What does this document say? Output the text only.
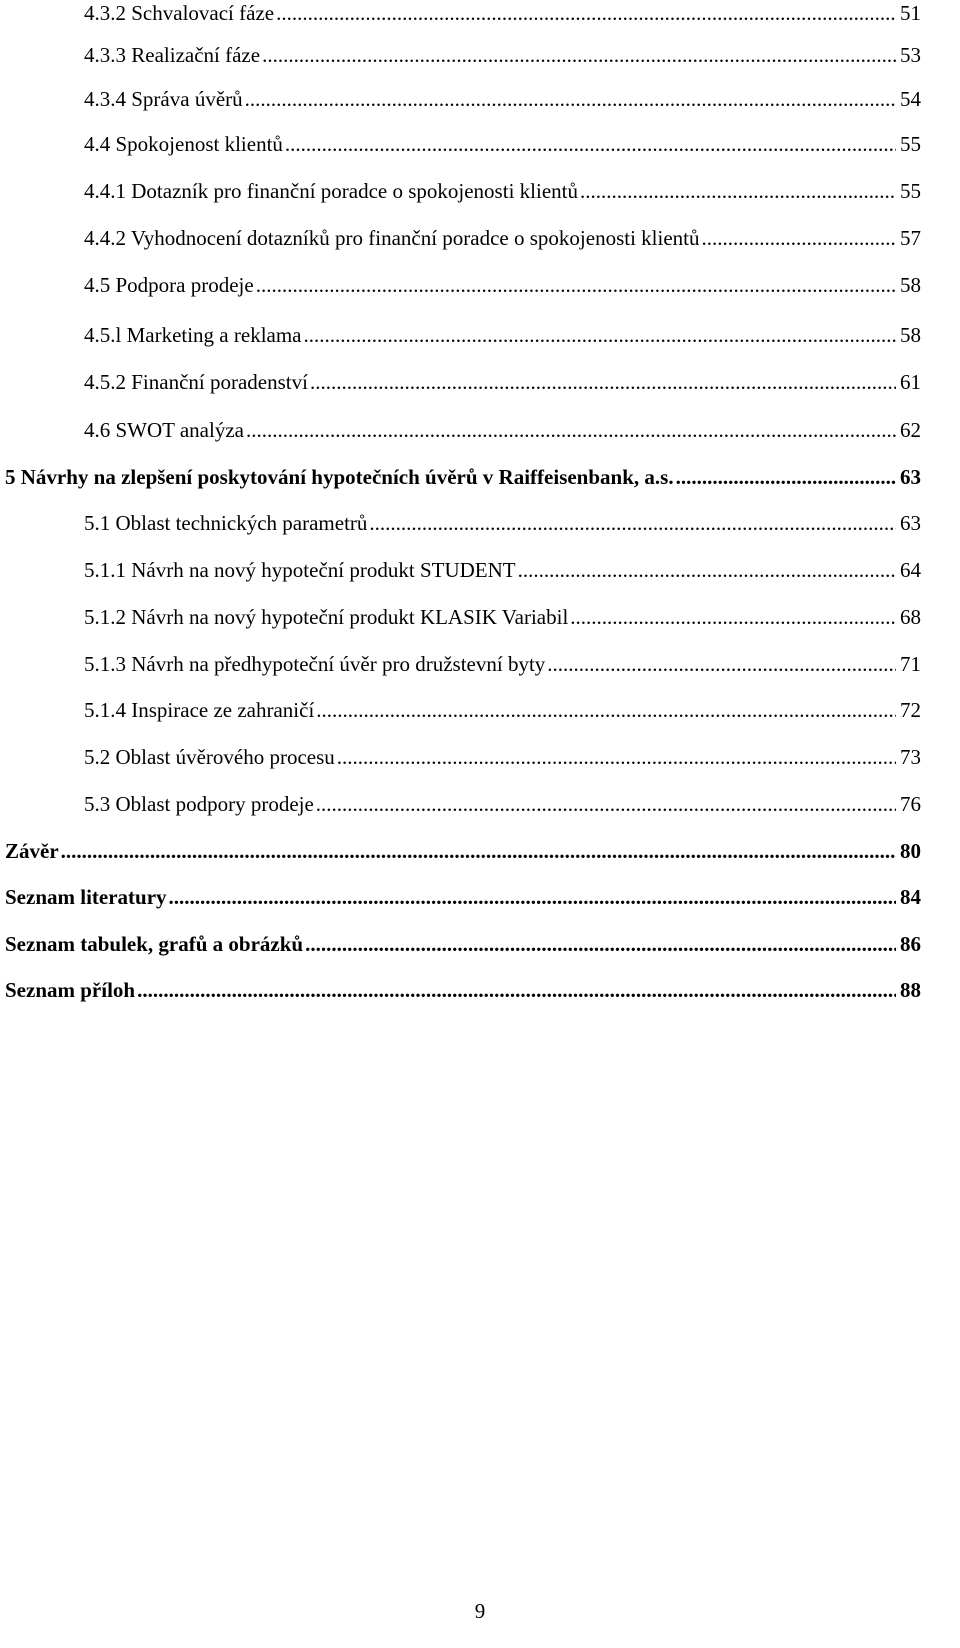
4.3.2 Schvalovací fáze .....	51
4.3.3 Realizační fáze .....	53
4.3.4 Správa úvěrů .....	54
4.4 Spokojenost klientů .....	55
4.4.1 Dotazník pro finanční poradce o spokojenosti klientů .....	55
4.4.2 Vyhodnocení dotazníků pro finanční poradce o spokojenosti klientů .....	57
4.5 Podpora prodeje .....	58
4.5.l Marketing a reklama .....	58
4.5.2 Finanční poradenství .....	61
4.6 SWOT analýza .....	62
5 Návrhy na zlepšení poskytování hypotečních úvěrů v Raiffeisenbank, a.s. .....	63
5.1 Oblast technických parametrů .....	63
5.1.1 Návrh na nový hypoteční produkt STUDENT .....	64
5.1.2 Návrh na nový hypoteční produkt KLASIK Variabil .....	68
5.1.3 Návrh na předhypoteční úvěr pro družstevní byty .....	71
5.1.4 Inspirace ze zahraničí .....	72
5.2 Oblast úvěrového procesu .....	73
5.3 Oblast podpory prodeje .....	76
Závěr .....	80
Seznam literatury .....	84
Seznam tabulek, grafů a obrázků .....	86
Seznam příloh .....	88
9
